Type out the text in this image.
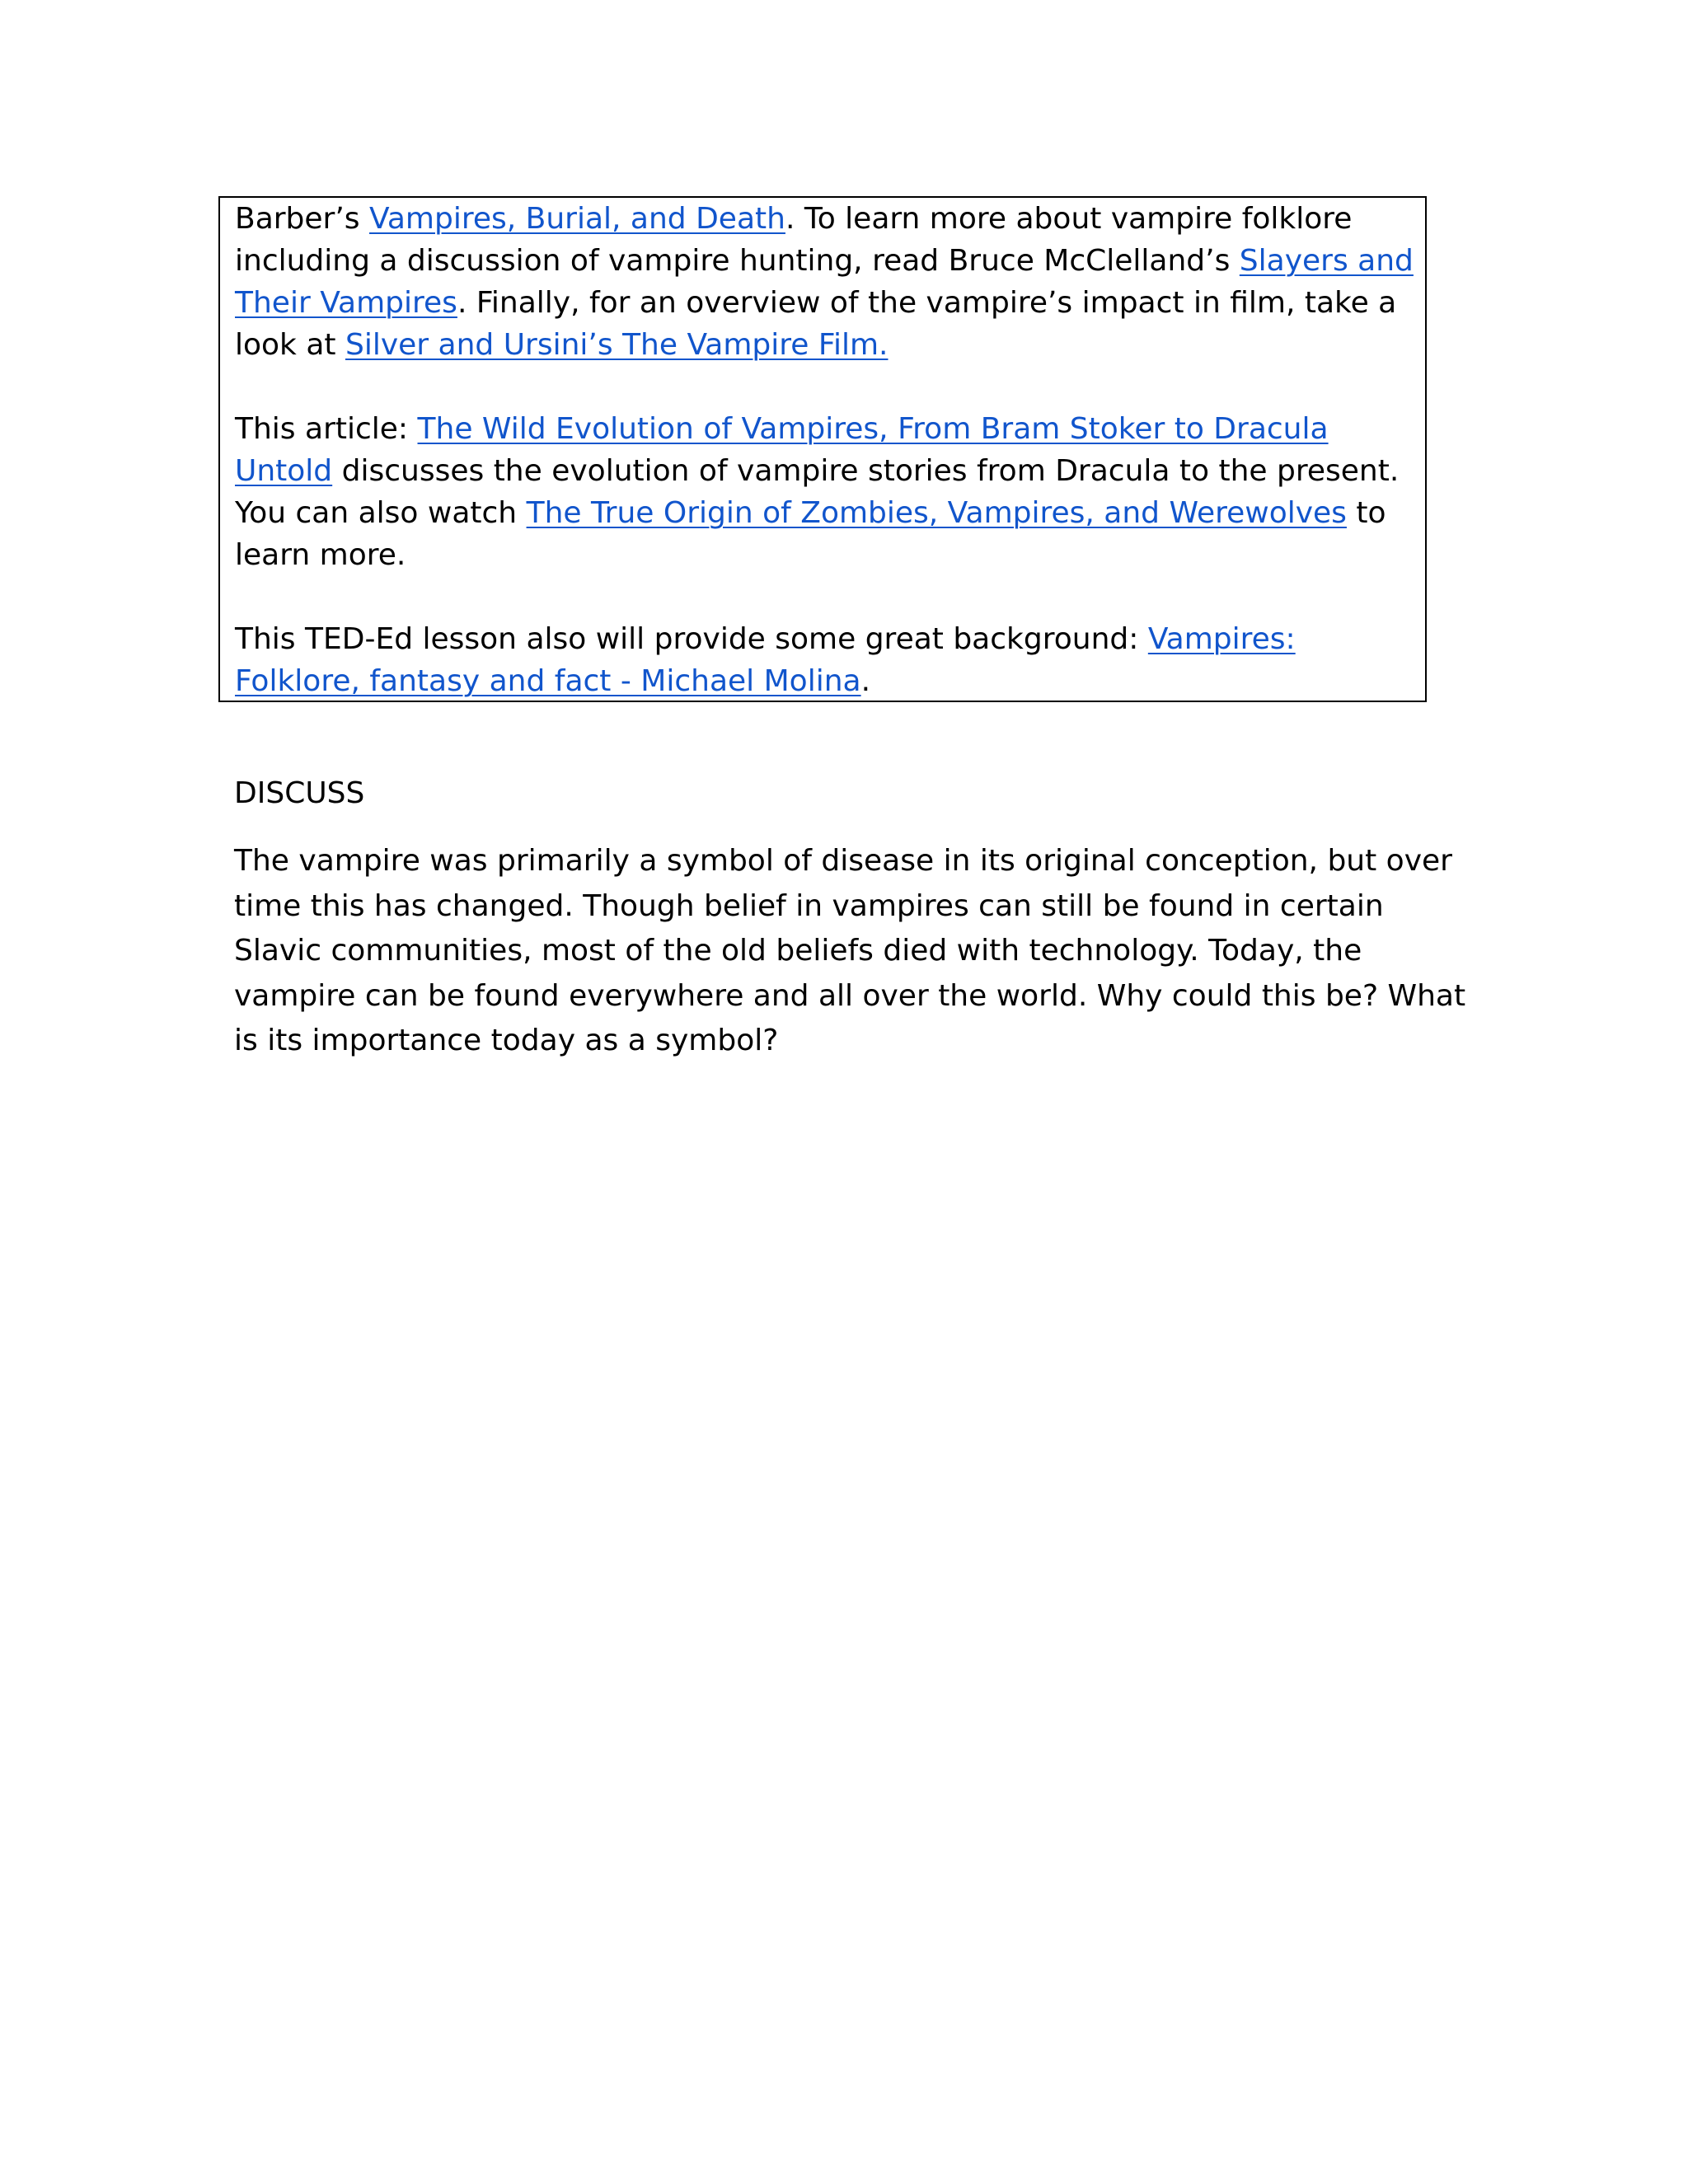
Barber’s Vampires, Burial, and Death. To learn more about vampire folklore including a discussion of vampire hunting, read Bruce McClelland’s Slayers and Their Vampires. Finally, for an overview of the vampire’s impact in film, take a look at Silver and Ursini’s The Vampire Film.

This article: The Wild Evolution of Vampires, From Bram Stoker to Dracula Untold discusses the evolution of vampire stories from Dracula to the present. You can also watch The True Origin of Zombies, Vampires, and Werewolves to learn more.

This TED-Ed lesson also will provide some great background: Vampires: Folklore, fantasy and fact - Michael Molina.

DISCUSS

The vampire was primarily a symbol of disease in its original conception, but over time this has changed. Though belief in vampires can still be found in certain Slavic communities, most of the old beliefs died with technology. Today, the vampire can be found everywhere and all over the world. Why could this be? What is its importance today as a symbol?
